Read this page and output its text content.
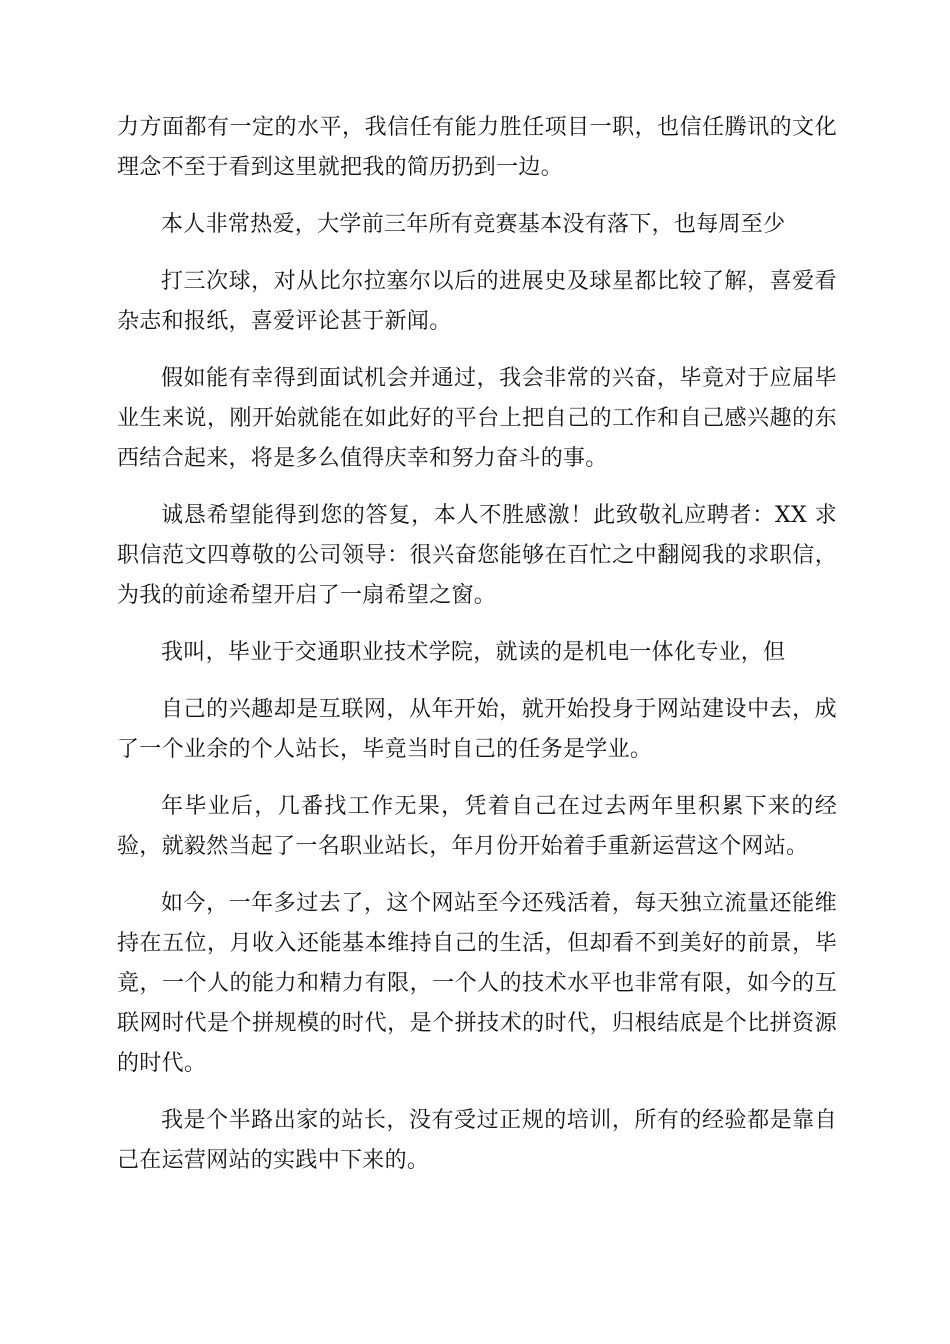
力方面都有一定的水平，我信任有能力胜任项目一职，也信任腾讯的文化理念不至于看到这里就把我的简历扔到一边。

本人非常热爱，大学前三年所有竞赛基本没有落下，也每周至少

打三次球，对从比尔拉塞尔以后的进展史及球星都比较了解，喜爱看杂志和报纸，喜爱评论甚于新闻。

假如能有幸得到面试机会并通过，我会非常的兴奋，毕竟对于应届毕业生来说，刚开始就能在如此好的平台上把自己的工作和自己感兴趣的东西结合起来，将是多么值得庆幸和努力奋斗的事。

诚恳希望能得到您的答复，本人不胜感激！此致敬礼应聘者：XX 求职信范文四尊敬的公司领导：很兴奋您能够在百忙之中翻阅我的求职信，为我的前途希望开启了一扇希望之窗。

我叫，毕业于交通职业技术学院，就读的是机电一体化专业，但

自己的兴趣却是互联网，从年开始，就开始投身于网站建设中去，成了一个业余的个人站长，毕竟当时自己的任务是学业。

年毕业后，几番找工作无果，凭着自己在过去两年里积累下来的经验，就毅然当起了一名职业站长，年月份开始着手重新运营这个网站。

如今，一年多过去了，这个网站至今还残活着，每天独立流量还能维持在五位，月收入还能基本维持自己的生活，但却看不到美好的前景，毕竟，一个人的能力和精力有限，一个人的技术水平也非常有限，如今的互联网时代是个拼规模的时代，是个拼技术的时代，归根结底是个比拼资源的时代。

我是个半路出家的站长，没有受过正规的培训，所有的经验都是靠自己在运营网站的实践中下来的。
